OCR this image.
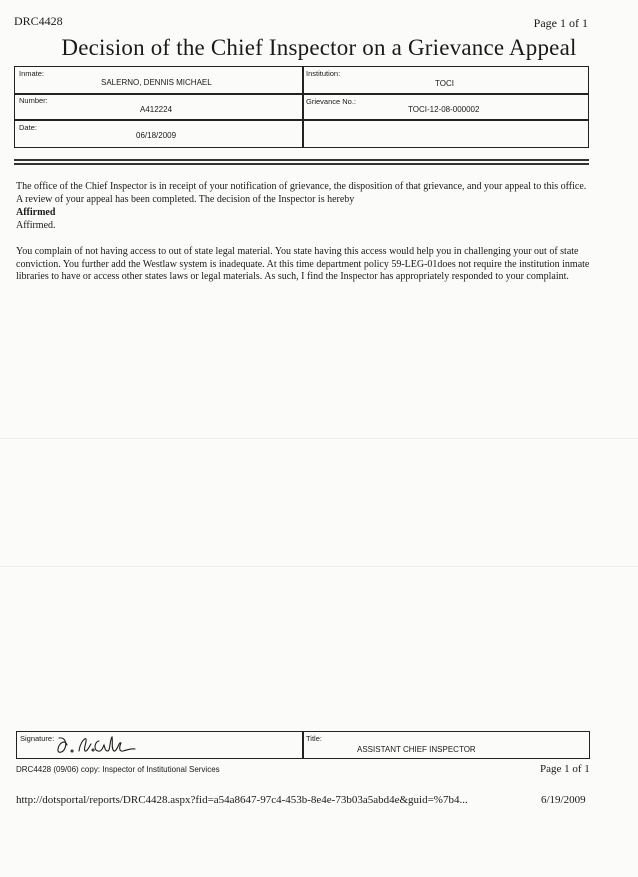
DRC4428	Page 1 of 1
Decision of the Chief Inspector on a Grievance Appeal
Inmate:
SALERNO, DENNIS MICHAEL
Institution:
TOCI
Number:
A412224
Grievance No.:
TOCI-12-08-000002
Date:
06/18/2009
The office of the Chief Inspector is in receipt of your notification of grievance, the disposition of that grievance, and your appeal to this office. A review of your appeal has been completed. The decision of the Inspector is hereby
Affirmed
Affirmed.
You complain of not having access to out of state legal material. You state having this access would help you in challenging your out of state conviction. You further add the Westlaw system is inadequate. At this time department policy 59-LEG-01does not require the institution inmate libraries to have or access other states laws or legal materials. As such, I find the Inspector has appropriately responded to your complaint.
Signature:	Title:
ASSISTANT CHIEF INSPECTOR
DRC4428 (09/06) copy: Inspector of Institutional Services	Page 1 of 1
http://dotsportal/reports/DRC4428.aspx?fid=a54a8647-97c4-453b-8e4e-73b03a5abd4e&guid=%7b4...	6/19/2009
